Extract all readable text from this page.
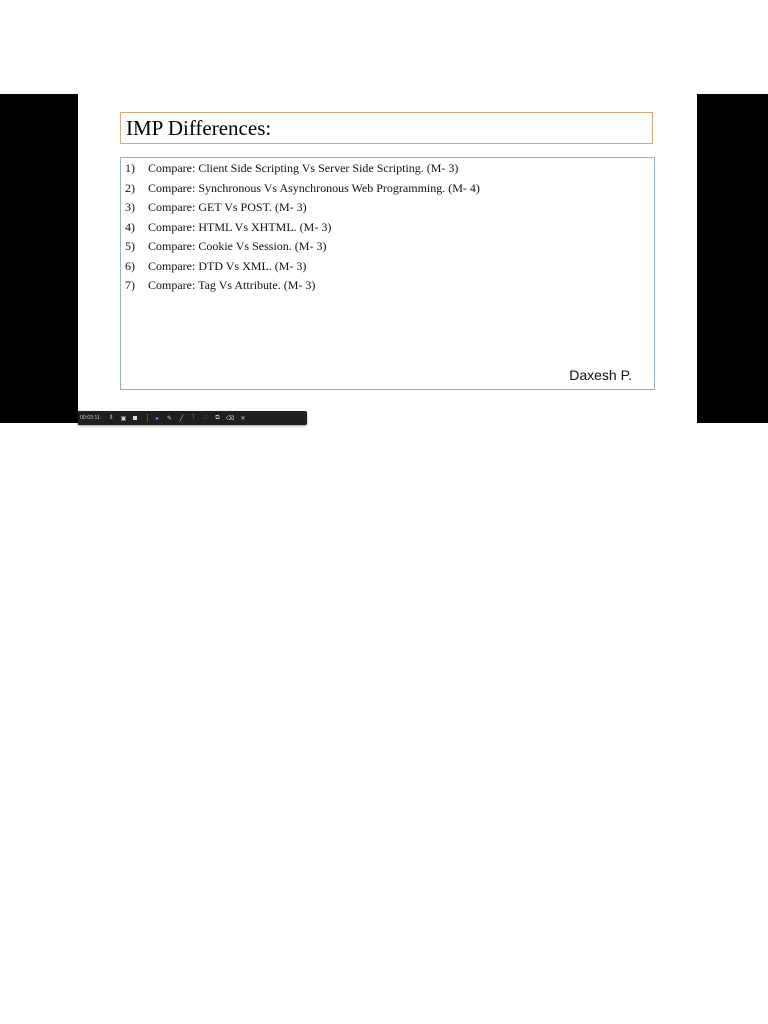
IMP Differences:
1)	Compare: Client Side Scripting Vs Server Side Scripting. (M- 3)
2)	Compare: Synchronous Vs Asynchronous Web Programming. (M- 4)
3)	Compare: GET Vs POST. (M- 3)
4)	Compare: HTML Vs XHTML. (M- 3)
5)	Compare: Cookie Vs Session. (M- 3)
6)	Compare: DTD Vs XML. (M- 3)
7)	Compare: Tag Vs Attribute. (M- 3)
Daxesh P.
00:03:11 ‖ ▣	▸ ✎ ╱ T □ ⧉ ⌫ ✕
